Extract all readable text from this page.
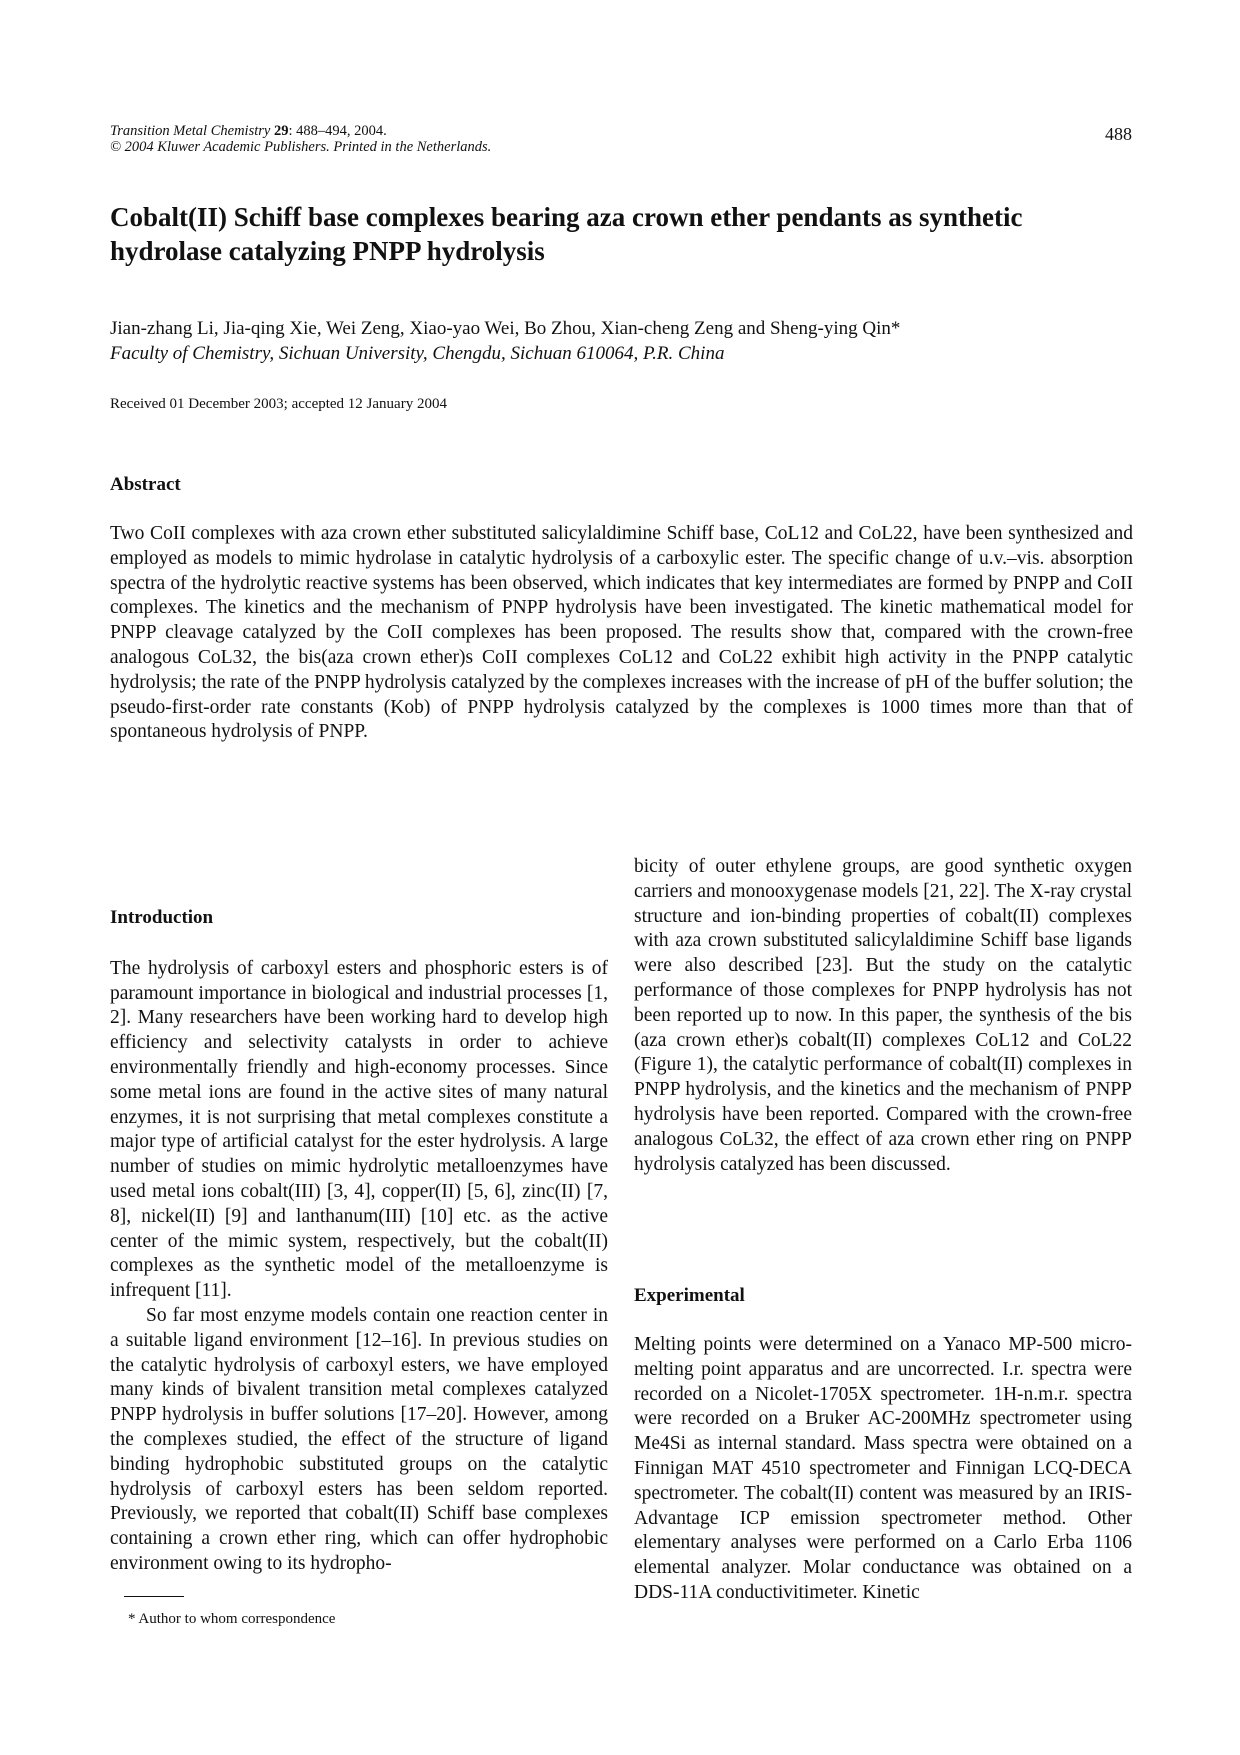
Transition Metal Chemistry 29: 488–494, 2004.
© 2004 Kluwer Academic Publishers. Printed in the Netherlands.
488
Cobalt(II) Schiff base complexes bearing aza crown ether pendants as synthetic hydrolase catalyzing PNPP hydrolysis
Jian-zhang Li, Jia-qing Xie, Wei Zeng, Xiao-yao Wei, Bo Zhou, Xian-cheng Zeng and Sheng-ying Qin*
Faculty of Chemistry, Sichuan University, Chengdu, Sichuan 610064, P.R. China
Received 01 December 2003; accepted 12 January 2004
Abstract
Two CoII complexes with aza crown ether substituted salicylaldimine Schiff base, CoL12 and CoL22, have been synthesized and employed as models to mimic hydrolase in catalytic hydrolysis of a carboxylic ester. The specific change of u.v.–vis. absorption spectra of the hydrolytic reactive systems has been observed, which indicates that key intermediates are formed by PNPP and CoII complexes. The kinetics and the mechanism of PNPP hydrolysis have been investigated. The kinetic mathematical model for PNPP cleavage catalyzed by the CoII complexes has been proposed. The results show that, compared with the crown-free analogous CoL32, the bis(aza crown ether)s CoII complexes CoL12 and CoL22 exhibit high activity in the PNPP catalytic hydrolysis; the rate of the PNPP hydrolysis catalyzed by the complexes increases with the increase of pH of the buffer solution; the pseudo-first-order rate constants (Kob) of PNPP hydrolysis catalyzed by the complexes is 1000 times more than that of spontaneous hydrolysis of PNPP.

Introduction

The hydrolysis of carboxyl esters and phosphoric esters is of paramount importance in biological and industrial processes [1, 2]. Many researchers have been working hard to develop high efficiency and selectivity catalysts in order to achieve environmentally friendly and high-economy processes. Since some metal ions are found in the active sites of many natural enzymes, it is not surprising that metal complexes constitute a major type of artificial catalyst for the ester hydrolysis. A large number of studies on mimic hydrolytic metalloenzymes have used metal ions cobalt(III) [3, 4], copper(II) [5, 6], zinc(II) [7, 8], nickel(II) [9] and lanthanum(III) [10] etc. as the active center of the mimic system, respectively, but the cobalt(II) complexes as the synthetic model of the metalloenzyme is infrequent [11].

So far most enzyme models contain one reaction center in a suitable ligand environment [12–16]. In previous studies on the catalytic hydrolysis of carboxyl esters, we have employed many kinds of bivalent transition metal complexes catalyzed PNPP hydrolysis in buffer solutions [17–20]. However, among the complexes studied, the effect of the structure of ligand binding hydrophobic substituted groups on the catalytic hydrolysis of carboxyl esters has been seldom reported. Previously, we reported that cobalt(II) Schiff base complexes containing a crown ether ring, which can offer hydrophobic environment owing to its hydropho-

bicity of outer ethylene groups, are good synthetic oxygen carriers and monooxygenase models [21, 22]. The X-ray crystal structure and ion-binding properties of cobalt(II) complexes with aza crown substituted salicylaldimine Schiff base ligands were also described [23]. But the study on the catalytic performance of those complexes for PNPP hydrolysis has not been reported up to now. In this paper, the synthesis of the bis (aza crown ether)s cobalt(II) complexes CoL12 and CoL22 (Figure 1), the catalytic performance of cobalt(II) complexes in PNPP hydrolysis, and the kinetics and the mechanism of PNPP hydrolysis have been reported. Compared with the crown-free analogous CoL32, the effect of aza crown ether ring on PNPP hydrolysis catalyzed has been discussed.

Experimental
Melting points were determined on a Yanaco MP-500 micro-melting point apparatus and are uncorrected. I.r. spectra were recorded on a Nicolet-1705X spectrometer. 1H-n.m.r. spectra were recorded on a Bruker AC-200MHz spectrometer using Me4Si as internal standard. Mass spectra were obtained on a Finnigan MAT 4510 spectrometer and Finnigan LCQ-DECA spectrometer. The cobalt(II) content was measured by an IRIS-Advantage ICP emission spectrometer method. Other elementary analyses were performed on a Carlo Erba 1106 elemental analyzer. Molar conductance was obtained on a DDS-11A conductivitimeter. Kinetic
* Author to whom correspondence
